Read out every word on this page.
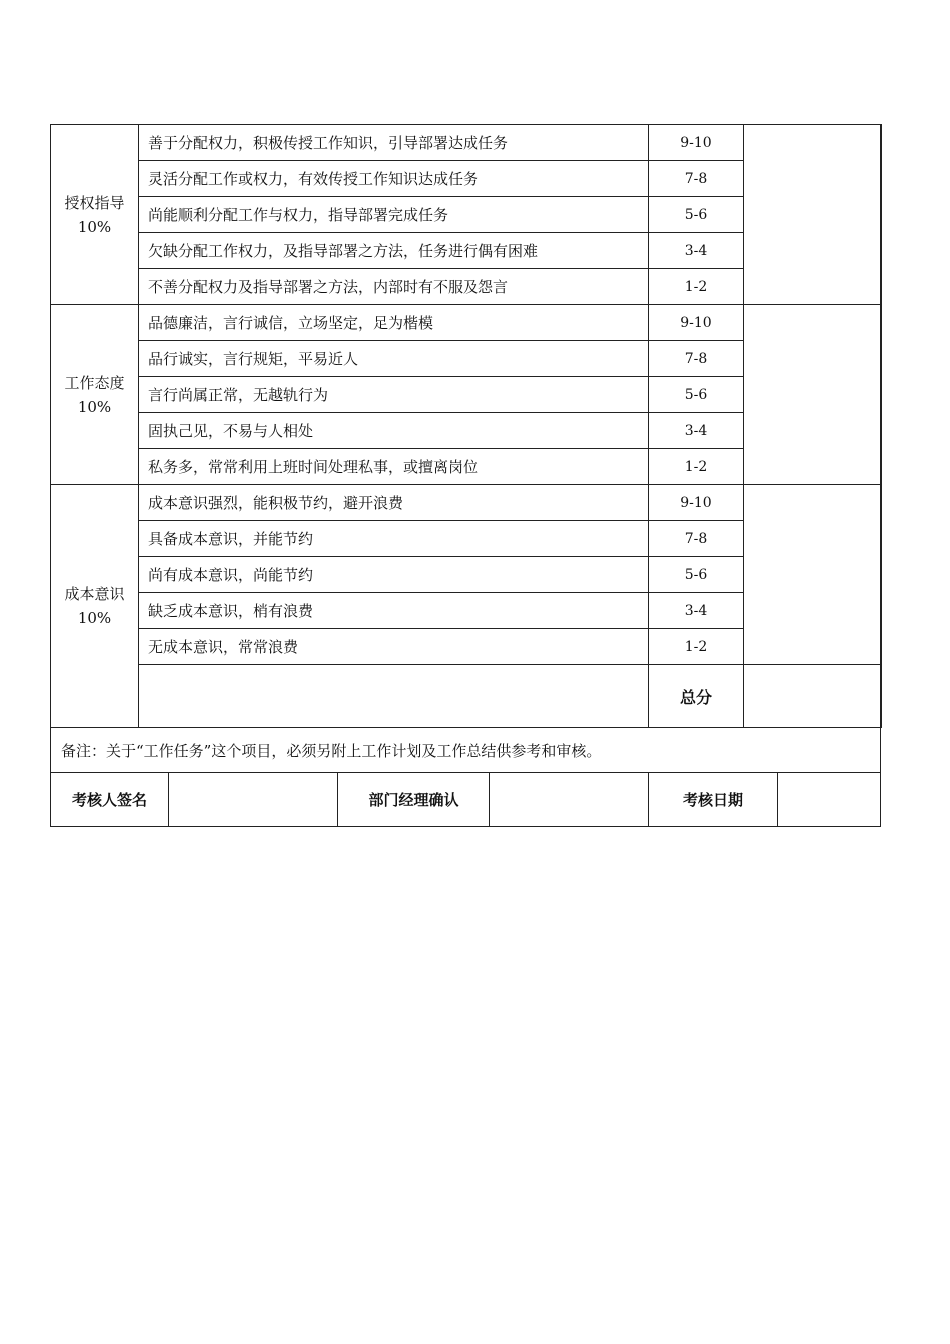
授权指导
10%	善于分配权力，积极传授工作知识，引导部署达成任务				9-10			
	灵活分配工作或权力，有效传授工作知识达成任务				7-8			
	尚能顺利分配工作与权力，指导部署完成任务				5-6			
	欠缺分配工作权力，及指导部署之方法，任务进行偶有困难				3-4			
	不善分配权力及指导部署之方法，内部时有不服及怨言				1-2			

工作态度
10%	品德廉洁，言行诚信，立场坚定，足为楷模				9-10			
	品行诚实，言行规矩，平易近人				7-8			
	言行尚属正常，无越轨行为				5-6			
	固执己见，不易与人相处				3-4			
	私务多，常常利用上班时间处理私事，或擅离岗位				1-2			

成本意识
10%	成本意识强烈，能积极节约，避开浪费				9-10			
	具备成本意识，并能节约				7-8			
	尚有成本意识，尚能节约				5-6			
	缺乏成本意识，梢有浪费				3-4			
	无成本意识，常常浪费				1-2			
					总分			
备注：关于“工作任务”这个项目，必须另附上工作计划及工作总结供参考和审核。								
考核人签名			部门经理确认		考核日期			
